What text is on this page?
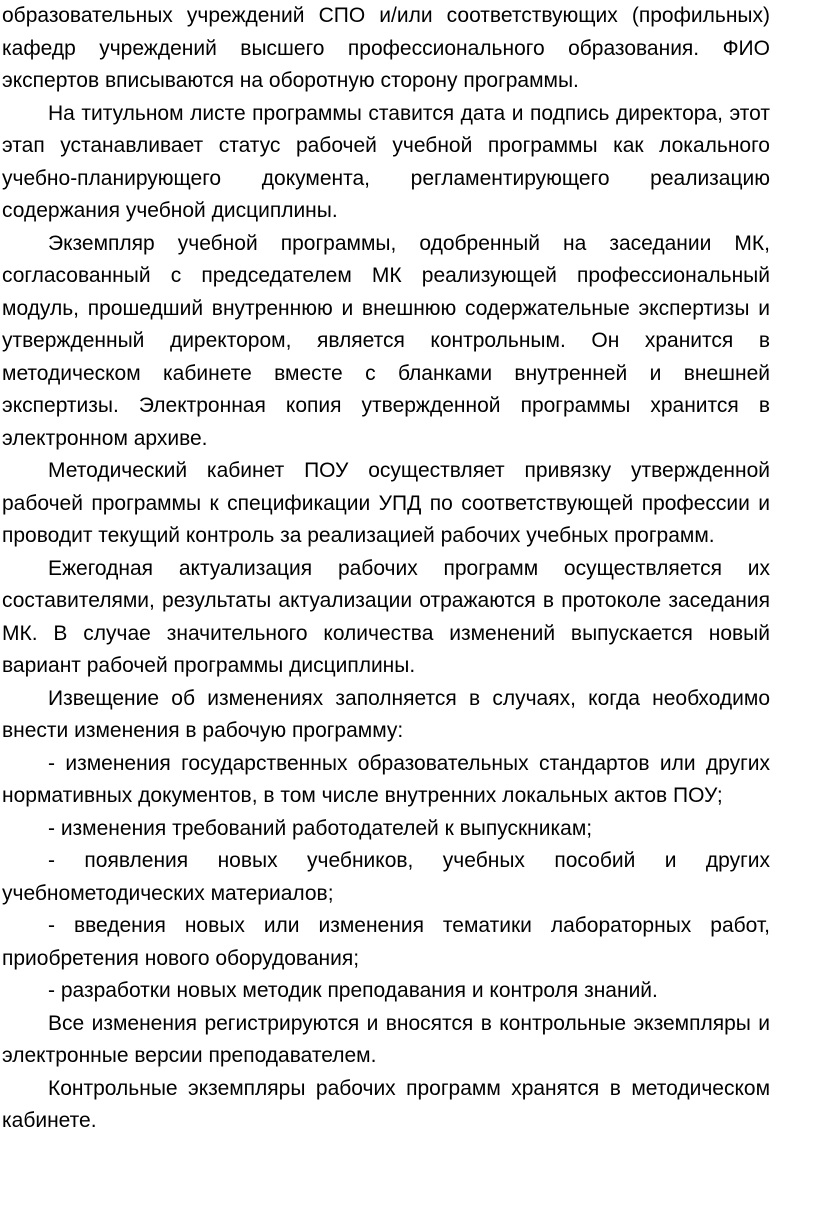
образовательных учреждений СПО и/или соответствующих (профильных) кафедр учреждений высшего профессионального образования. ФИО экспертов вписываются на оборотную сторону программы.

На титульном листе программы ставится дата и подпись директора, этот этап устанавливает статус рабочей учебной программы как локального учебно-планирующего документа, регламентирующего реализацию содержания учебной дисциплины.

Экземпляр учебной программы, одобренный на заседании МК, согласованный с председателем МК реализующей профессиональный модуль, прошедший внутреннюю и внешнюю содержательные экспертизы и утвержденный директором, является контрольным. Он хранится в методическом кабинете вместе с бланками внутренней и внешней экспертизы. Электронная копия утвержденной программы хранится в электронном архиве.

Методический кабинет ПОУ осуществляет привязку утвержденной рабочей программы к спецификации УПД по соответствующей профессии и проводит текущий контроль за реализацией рабочих учебных программ.

Ежегодная актуализация рабочих программ осуществляется их составителями, результаты актуализации отражаются в протоколе заседания МК. В случае значительного количества изменений выпускается новый вариант рабочей программы дисциплины.

Извещение об изменениях заполняется в случаях, когда необходимо внести изменения в рабочую программу:

- изменения государственных образовательных стандартов или других нормативных документов, в том числе внутренних локальных актов ПОУ;

- изменения требований работодателей к выпускникам;

- появления новых учебников, учебных пособий и других учебнометодических материалов;

- введения новых или изменения тематики лабораторных работ, приобретения нового оборудования;

- разработки новых методик преподавания и контроля знаний.

Все изменения регистрируются и вносятся в контрольные экземпляры и электронные версии преподавателем.

Контрольные экземпляры рабочих программ хранятся в методическом кабинете.
